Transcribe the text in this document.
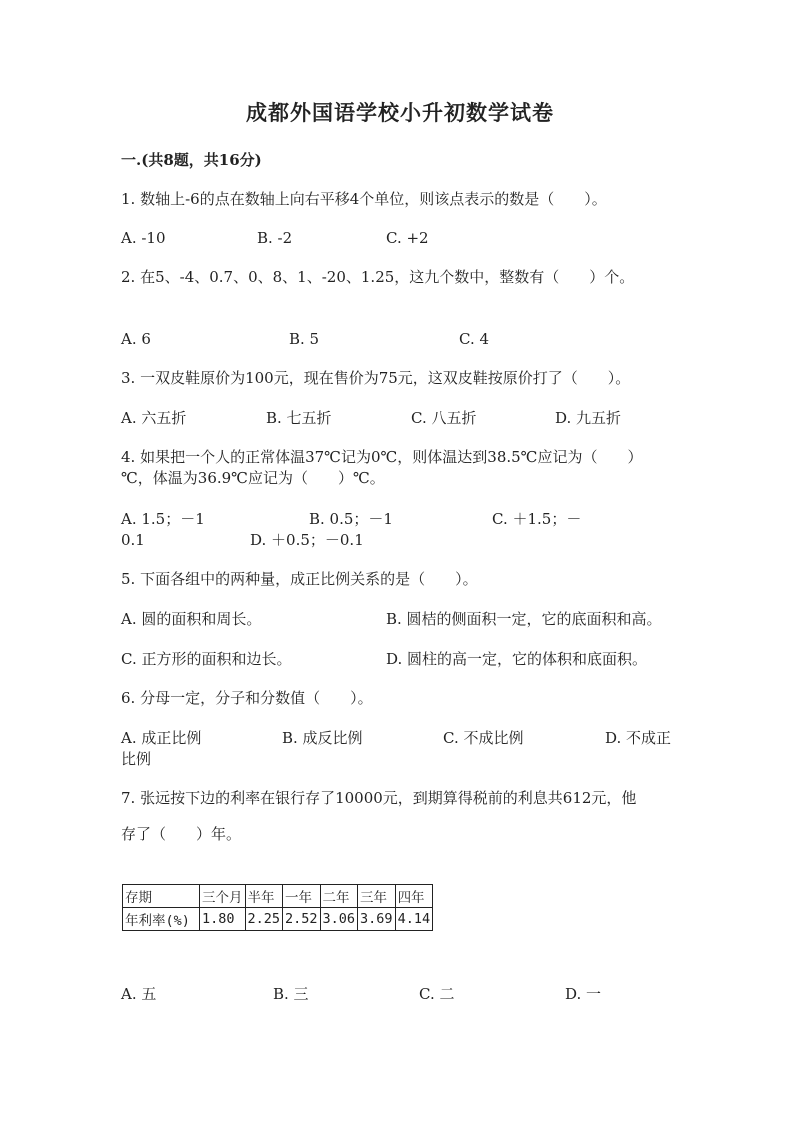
成都外国语学校小升初数学试卷
一.(共8题，共16分)
1. 数轴上-6的点在数轴上向右平移4个单位，则该点表示的数是（　　）。
A. -10	B. -2	C. +2
2. 在5、-4、0.7、0、8、1、-20、1.25，这九个数中，整数有（　　）个。
A. 6	B. 5	C. 4
3. 一双皮鞋原价为100元，现在售价为75元，这双皮鞋按原价打了（　　）。
A. 六五折	B. 七五折	C. 八五折	D. 九五折
4. 如果把一个人的正常体温37℃记为0℃，则体温达到38.5℃应记为（　　）
℃，体温为36.9℃应记为（　　）℃。
A. 1.5；－1	B. 0.5；－1	C. ＋1.5；－
0.1	D. ＋0.5；－0.1
5. 下面各组中的两种量，成正比例关系的是（　　）。
A. 圆的面积和周长。	B. 圆桔的侧面积一定，它的底面积和高。
C. 正方形的面积和边长。	D. 圆柱的高一定，它的体积和底面积。
6. 分母一定，分子和分数值（　　）。
A. 成正比例	B. 成反比例	C. 不成比例	D. 不成正
比例
7. 张远按下边的利率在银行存了10000元，到期算得税前的利息共612元，他
存了（　　）年。
存期	三个月	半年	一年	二年	三年	四年
年利率(%)	1.80	2.25	2.52	3.06	3.69	4.14
A. 五	B. 三	C. 二	D. 一
